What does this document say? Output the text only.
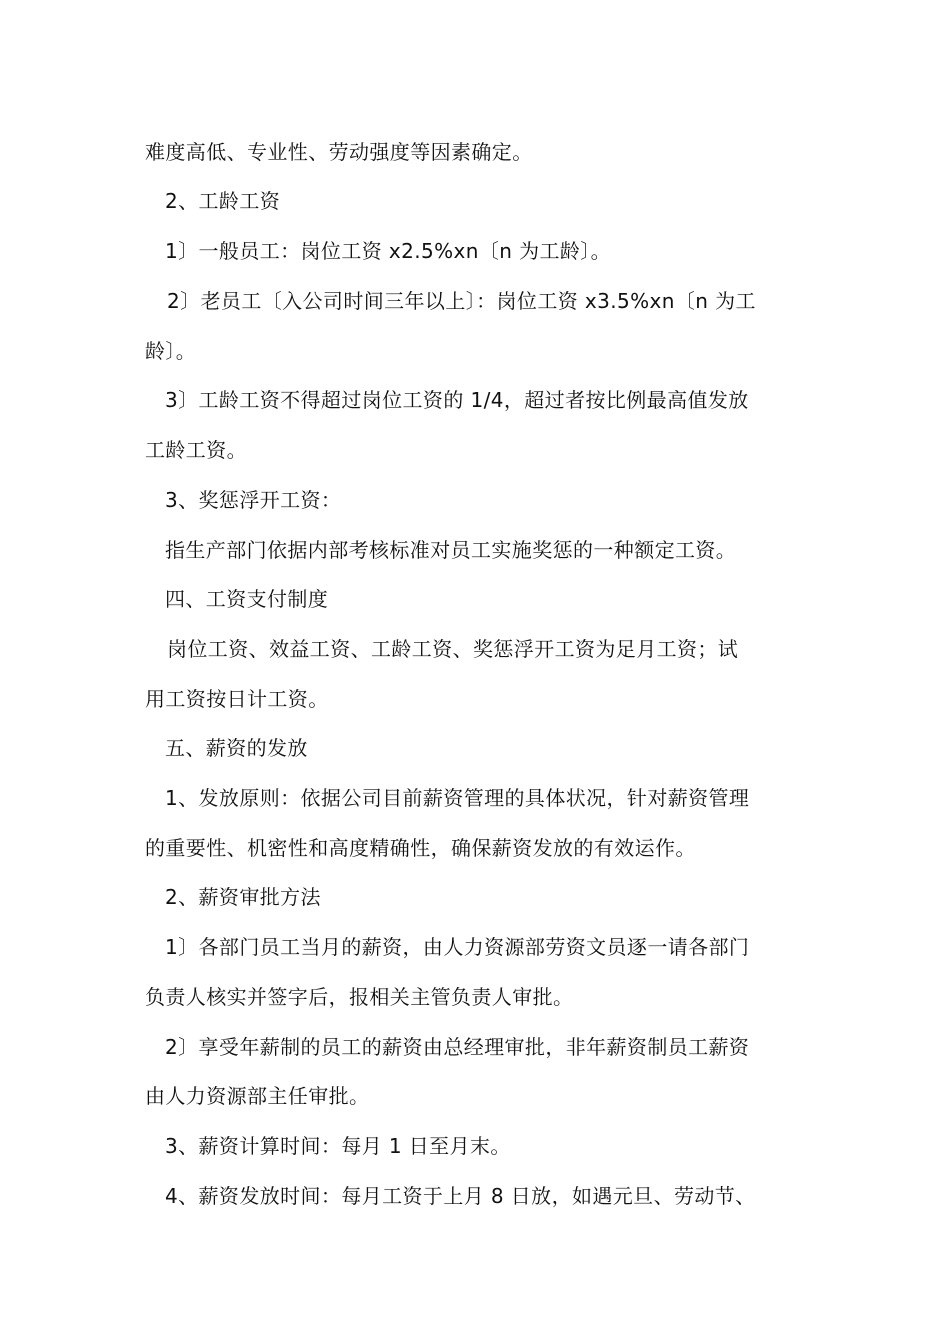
难度高低、专业性、劳动强度等因素确定。
2、工龄工资
1〕一般员工：岗位工资 x2.5%xn〔n 为工龄〕。
2〕老员工〔入公司时间三年以上〕：岗位工资 x3.5%xn〔n 为工
龄〕。
3〕工龄工资不得超过岗位工资的 1/4，超过者按比例最高值发放
工龄工资。
3、奖惩浮开工资：
指生产部门依据内部考核标准对员工实施奖惩的一种额定工资。
四、工资支付制度
岗位工资、效益工资、工龄工资、奖惩浮开工资为足月工资；试
用工资按日计工资。
五、薪资的发放
1、发放原则：依据公司目前薪资管理的具体状况，针对薪资管理
的重要性、机密性和高度精确性，确保薪资发放的有效运作。
2、薪资审批方法
1〕各部门员工当月的薪资，由人力资源部劳资文员逐一请各部门
负责人核实并签字后，报相关主管负责人审批。
2〕享受年薪制的员工的薪资由总经理审批，非年薪资制员工薪资
由人力资源部主任审批。
3、薪资计算时间：每月 1 日至月末。
4、薪资发放时间：每月工资于上月 8 日放，如遇元旦、劳动节、
